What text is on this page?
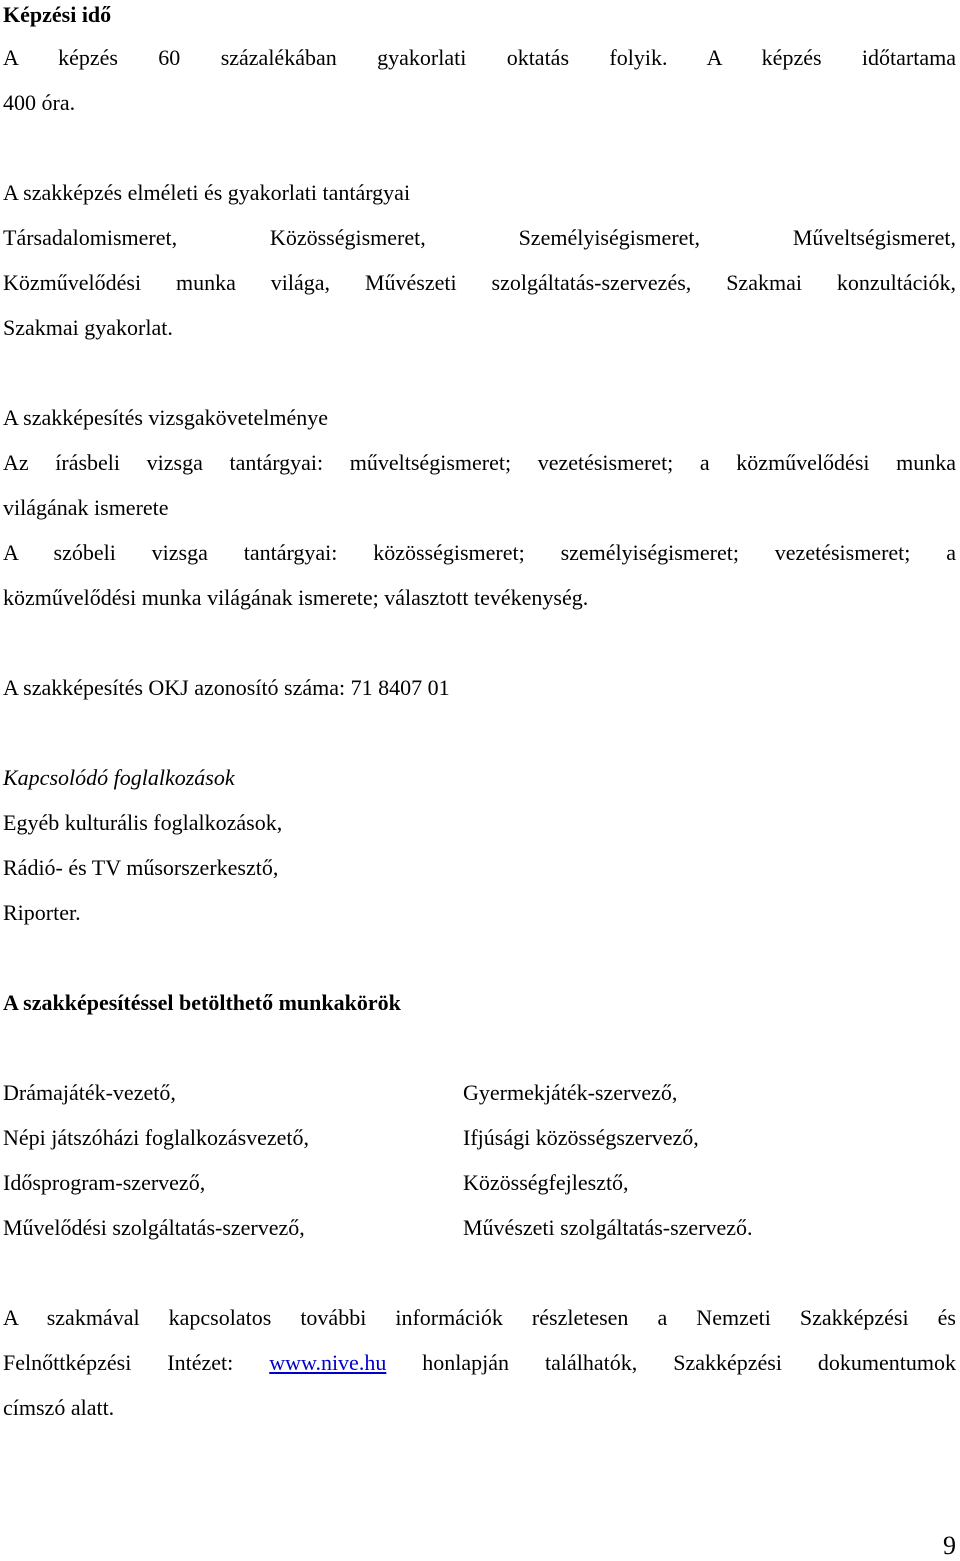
Képzési idő
A képzés 60 százalékában gyakorlati oktatás folyik. A képzés időtartama
400 óra.
A szakképzés elméleti és gyakorlati tantárgyai
Társadalomismeret, Közösségismeret, Személyiségismeret, Műveltségismeret,
Közművelődési munka világa, Művészeti szolgáltatás-szervezés, Szakmai konzultációk,
Szakmai gyakorlat.
A szakképesítés vizsgakövetelménye
Az írásbeli vizsga tantárgyai: műveltségismeret; vezetésismeret; a közművelődési munka
világának ismerete
A szóbeli vizsga tantárgyai: közösségismeret; személyiségismeret; vezetésismeret; a
közművelődési munka világának ismerete; választott tevékenység.
A szakképesítés OKJ azonosító száma: 71 8407 01
Kapcsolódó foglalkozások
Egyéb kulturális foglalkozások,
Rádió- és TV műsorszerkesztő,
Riporter.
A szakképesítéssel betölthető munkakörök
Drámajáték-vezető,
Népi játszóházi foglalkozásvezető,
Idősprogram-szervező,
Művelődési szolgáltatás-szervező,
Gyermekjáték-szervező,
Ifjúsági közösségszervező,
Közösségfejlesztő,
Művészeti szolgáltatás-szervező.
A szakmával kapcsolatos további információk részletesen a Nemzeti Szakképzési és
Felnőttképzési Intézet: www.nive.hu honlapján találhatók, Szakképzési dokumentumok
címszó alatt.
9
